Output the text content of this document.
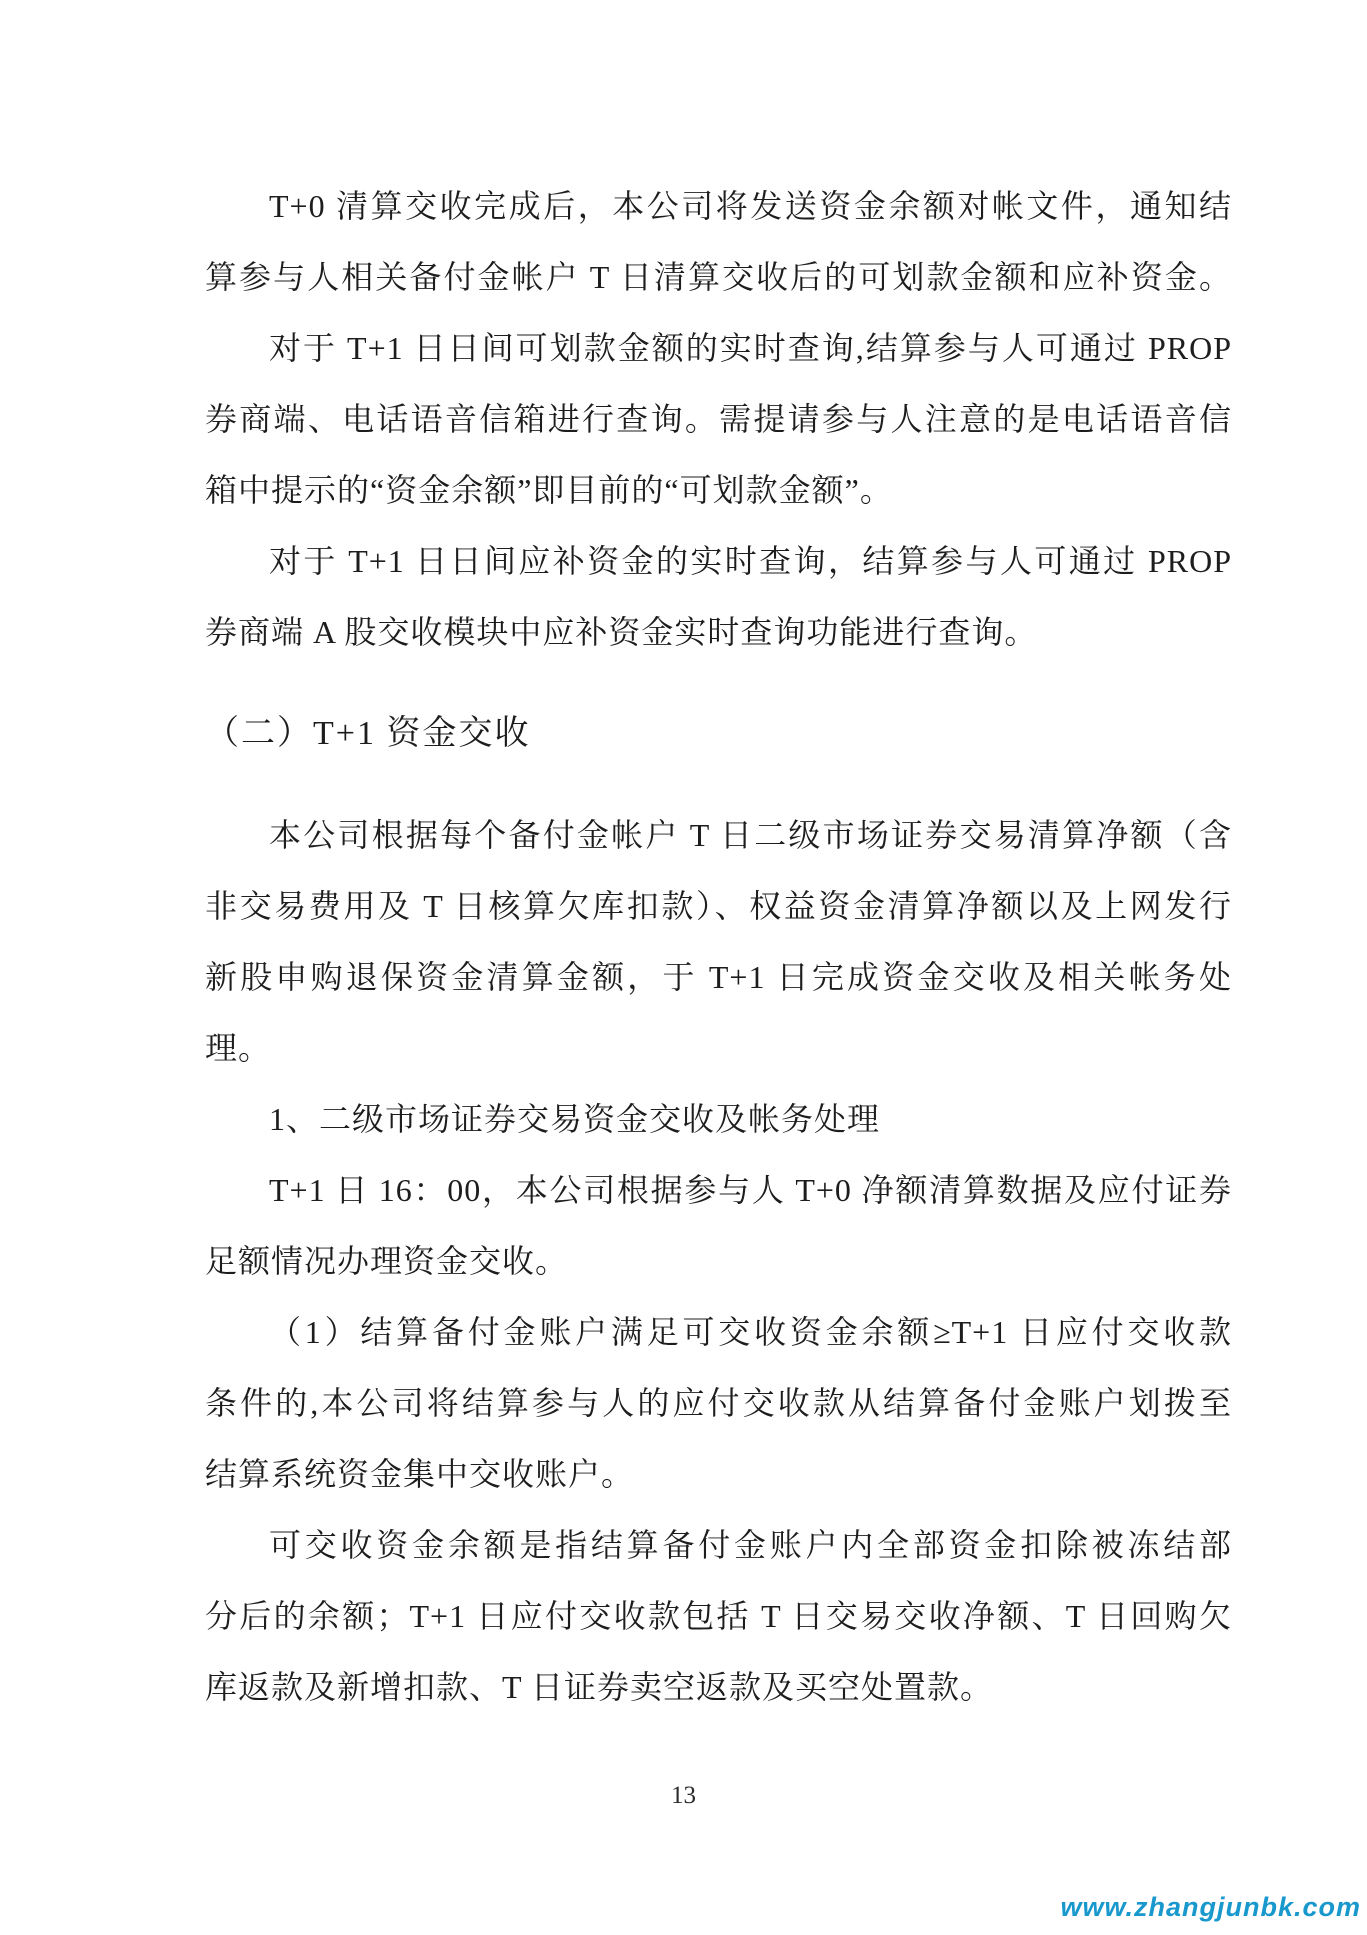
T+0 清算交收完成后，本公司将发送资金余额对帐文件，通知结

算参与人相关备付金帐户 T 日清算交收后的可划款金额和应补资金。

对于 T+1 日日间可划款金额的实时查询,结算参与人可通过 PROP

券商端、电话语音信箱进行查询。需提请参与人注意的是电话语音信

箱中提示的“资金余额”即目前的“可划款金额”。

对于 T+1 日日间应补资金的实时查询，结算参与人可通过 PROP

券商端 A 股交收模块中应补资金实时查询功能进行查询。

（二）T+1 资金交收

本公司根据每个备付金帐户 T 日二级市场证券交易清算净额（含

非交易费用及 T 日核算欠库扣款）、权益资金清算净额以及上网发行

新股申购退保资金清算金额，于 T+1 日完成资金交收及相关帐务处

理。

1、二级市场证券交易资金交收及帐务处理

T+1 日 16：00，本公司根据参与人 T+0 净额清算数据及应付证券

足额情况办理资金交收。

（1）结算备付金账户满足可交收资金余额≥T+1 日应付交收款

条件的,本公司将结算参与人的应付交收款从结算备付金账户划拨至

结算系统资金集中交收账户。

可交收资金余额是指结算备付金账户内全部资金扣除被冻结部

分后的余额；T+1 日应付交收款包括 T 日交易交收净额、T 日回购欠

库返款及新增扣款、T 日证券卖空返款及买空处置款。

13
www.zhangjunbk.com
